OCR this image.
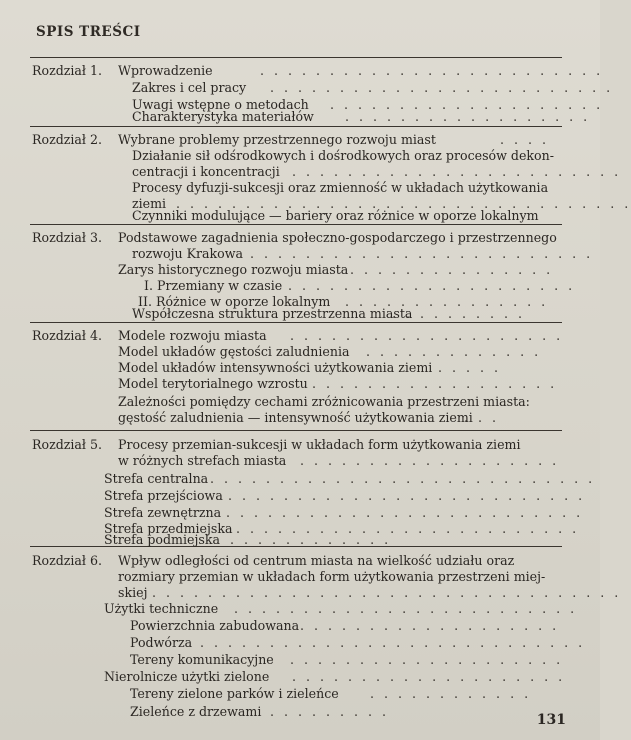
SPIS TREŚCI
Rozdział 1. Wprowadzenie	. . . . . . . . . . . . . . . . . . . . . . . . .
Zakres i cel pracy . . . . . . . . . . . . . . . . . . . . . . . . .
Uwagi wstępne o metodach . . . . . . . . . . . . . . . . . . . .
Charakterystyka materiałów . . . . . . . . . . . . . . . . . .
Rozdział 2. Wybrane problemy przestrzennego rozwoju miast	. . . .
Działanie sił odśrodkowych i dośrodkowych oraz procesów dekon-
centracji i koncentracji . . . . . . . . . . . . . . . . . . . . . . . .
Procesy dyfuzji-sukcesji oraz zmienność w układach użytkowania
ziemi . . . . . . . . . . . . . . . . . . . . . . . . . . . . . . . . .
Czynniki modulujące — bariery oraz różnice w oporze lokalnym
Rozdział 3. Podstawowe zagadnienia społeczno-gospodarczego i przestrzennego
rozwoju Krakowa . . . . . . . . . . . . . . . . . . . . . . . . .
Zarys historycznego rozwoju miasta . . . . . . . . . . . . . . .
I. Przemiany w czasie . . . . . . . . . . . . . . . . . . . . .
II. Różnice w oporze lokalnym . . . . . . . . . . . . . . .
Współczesna struktura przestrzenna miasta
. . . . . . . . . .
Rozdział 4. Modele rozwoju miasta . . . . . . . . . . . . . . . . . . . .
Model układów gęstości zaludnienia . . . . . . . . . . . . .
Model układów intensywności użytkowania ziemi . . . . .
Model terytorialnego wzrostu . . . . . . . . . . . . . . . . . .
Zależności pomiędzy cechami zróżnicowania przestrzeni miasta:
gęstość zaludnienia — intensywność użytkowania ziemi
. . .
Rozdział 5. Procesy przemian-sukcesji w układach form użytkowania ziemi
w różnych strefach miasta . . . . . . . . . . . . . . . . . . .
Strefa centralna . . . . . . . . . . . . . . . . . . . . . . . . . . . .
Strefa przejściowa . . . . . . . . . . . . . . . . . . . . . . . . . .
Strefa zewnętrzna . . . . . . . . . . . . . . . . . . . . . . . . . .
Strefa przedmiejska . . . . . . . . . . . . . . . . . . . . . . . . .
Strefa podmiejska . . . . . . . . . . . .
Rozdział 6. Wpływ odległości od centrum miasta na wielkość udziału oraz
rozmiary przemian w układach form użytkowania przestrzeni miej-
skiej . . . . . . . . . . . . . . . . . . . . . . . . . . . . . . . . . .
Użytki techniczne . . . . . . . . . . . . . . . . . . . . . . . . .
Powierzchnia zabudowana . . . . . . . . . . . . . . . . . . .
Podwórza . . . . . . . . . . . . . . . . . . . . . . . . . . . .
Tereny komunikacyjne . . . . . . . . . . . . . . . . . . . .
Nierolnicze użytki zielone . . . . . . . . . . . . . . . . . . . .
Tereny zielone parków i zieleńce . . . . . . . . . . . .
Zieleńce z drzewami . . . . . . . . .
131
